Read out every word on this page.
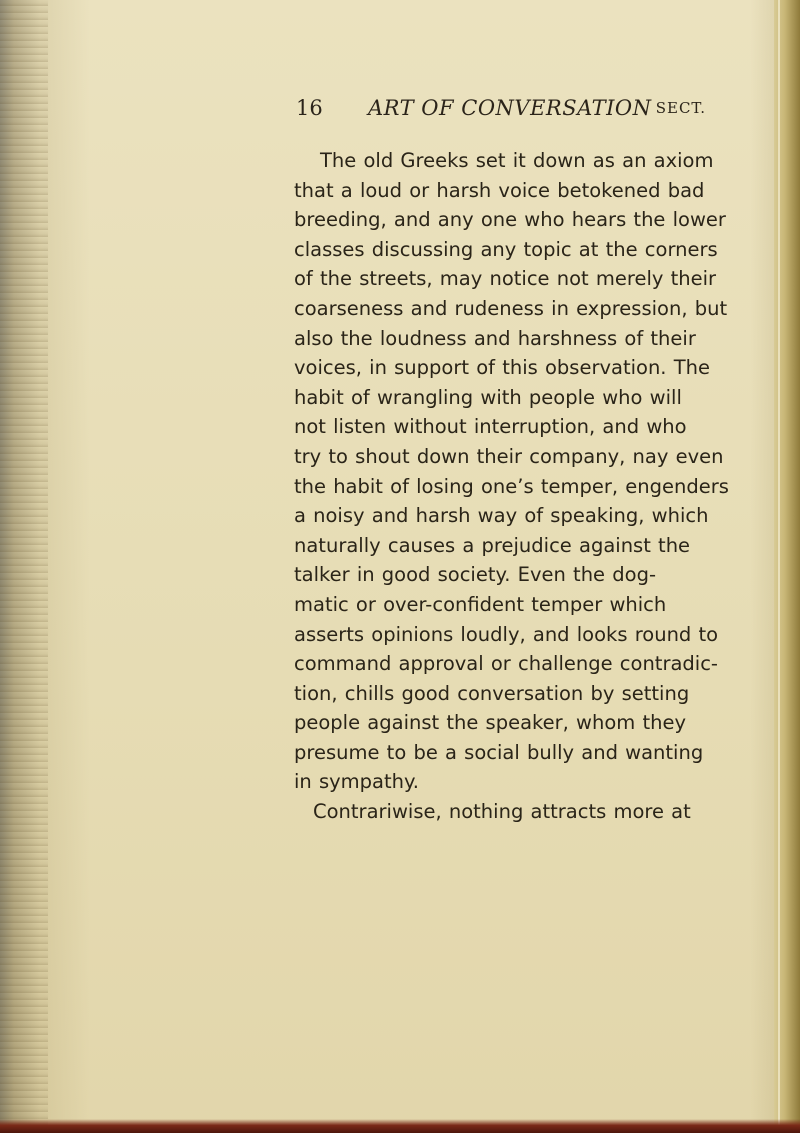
16 ART OF CONVERSATION SECT.
The old Greeks set it down as an axiom
that a loud or harsh voice betokened bad
breeding, and any one who hears the lower
classes discussing any topic at the corners
of the streets, may notice not merely their
coarseness and rudeness in expression, but
also the loudness and harshness of their
voices, in support of this observation. The
habit of wrangling with people who will
not listen without interruption, and who
try to shout down their company, nay even
the habit of losing one’s temper, engenders
a noisy and harsh way of speaking, which
naturally causes a prejudice against the
talker in good society. Even the dog-
matic or over-confident temper which
asserts opinions loudly, and looks round to
command approval or challenge contradic-
tion, chills good conversation by setting
people against the speaker, whom they
presume to be a social bully and wanting
in sympathy.
Contrariwise, nothing attracts more at
